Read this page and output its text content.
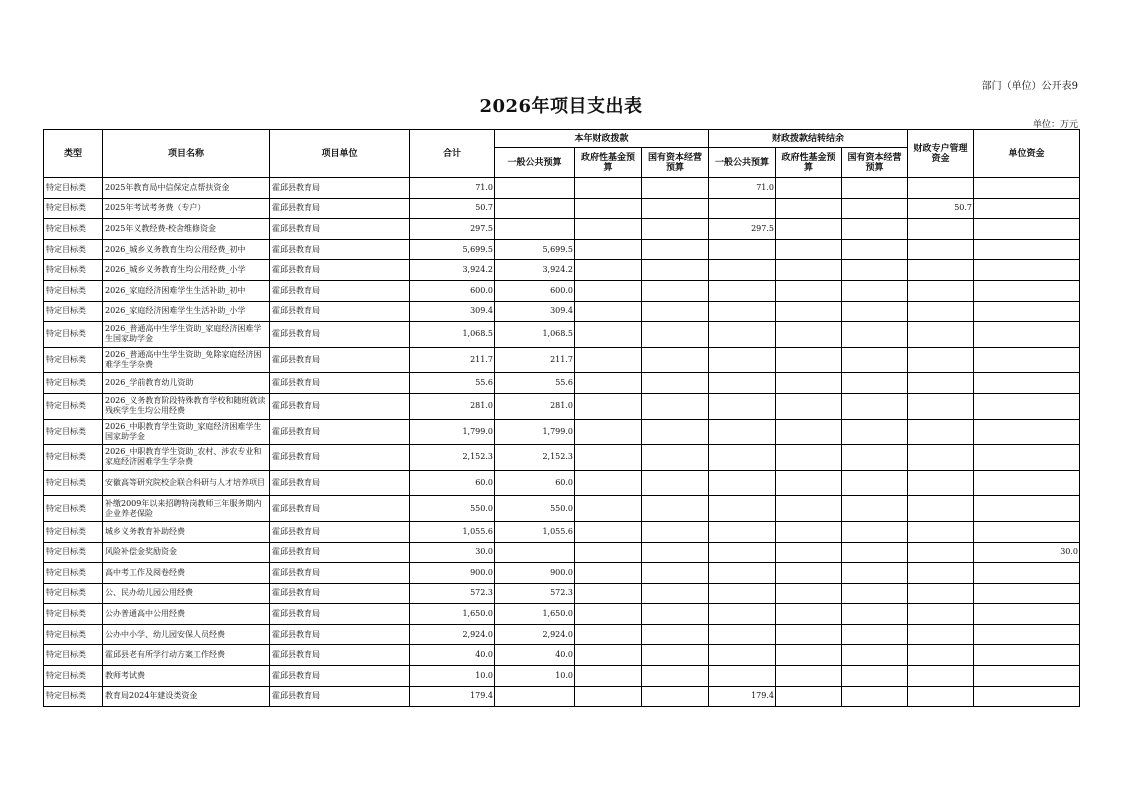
部门（单位）公开表9
2026年项目支出表
单位：万元
类型	项目名称	项目单位	合计	本年财政拨款			财政拨款结转结余			财政专户管理资金	单位资金
				一般公共预算	政府性基金预算	国有资本经营预算	一般公共预算	政府性基金预算	国有资本经营预算		
特定目标类	2025年教育局中信保定点帮扶资金	霍邱县教育局	71.0				71.0				
特定目标类	2025年考试考务费（专户）	霍邱县教育局	50.7							50.7	
特定目标类	2025年义教经费-校舍维修资金	霍邱县教育局	297.5				297.5				
特定目标类	2026_城乡义务教育生均公用经费_初中	霍邱县教育局	5,699.5	5,699.5							
特定目标类	2026_城乡义务教育生均公用经费_小学	霍邱县教育局	3,924.2	3,924.2							
特定目标类	2026_家庭经济困难学生生活补助_初中	霍邱县教育局	600.0	600.0							
特定目标类	2026_家庭经济困难学生生活补助_小学	霍邱县教育局	309.4	309.4							
特定目标类	2026_普通高中生学生资助_家庭经济困难学生国家助学金	霍邱县教育局	1,068.5	1,068.5							
特定目标类	2026_普通高中生学生资助_免除家庭经济困难学生学杂费	霍邱县教育局	211.7	211.7							
特定目标类	2026_学前教育幼儿资助	霍邱县教育局	55.6	55.6							
特定目标类	2026_义务教育阶段特殊教育学校和随班就读残疾学生生均公用经费	霍邱县教育局	281.0	281.0							
特定目标类	2026_中职教育学生资助_家庭经济困难学生国家助学金	霍邱县教育局	1,799.0	1,799.0							
特定目标类	2026_中职教育学生资助_农村、涉农专业和家庭经济困难学生学杂费	霍邱县教育局	2,152.3	2,152.3							
特定目标类	安徽高等研究院校企联合科研与人才培养项目	霍邱县教育局	60.0	60.0							
特定目标类	补缴2009年以来招聘特岗教师三年服务期内企业养老保险	霍邱县教育局	550.0	550.0							
特定目标类	城乡义务教育补助经费	霍邱县教育局	1,055.6	1,055.6							
特定目标类	风险补偿金奖励资金	霍邱县教育局	30.0								30.0
特定目标类	高中考工作及阅卷经费	霍邱县教育局	900.0	900.0							
特定目标类	公、民办幼儿园公用经费	霍邱县教育局	572.3	572.3							
特定目标类	公办普通高中公用经费	霍邱县教育局	1,650.0	1,650.0							
特定目标类	公办中小学、幼儿园安保人员经费	霍邱县教育局	2,924.0	2,924.0							
特定目标类	霍邱县老有所学行动方案工作经费	霍邱县教育局	40.0	40.0							
特定目标类	教师考试费	霍邱县教育局	10.0	10.0							
特定目标类	教育局2024年建设类资金	霍邱县教育局	179.4				179.4				
